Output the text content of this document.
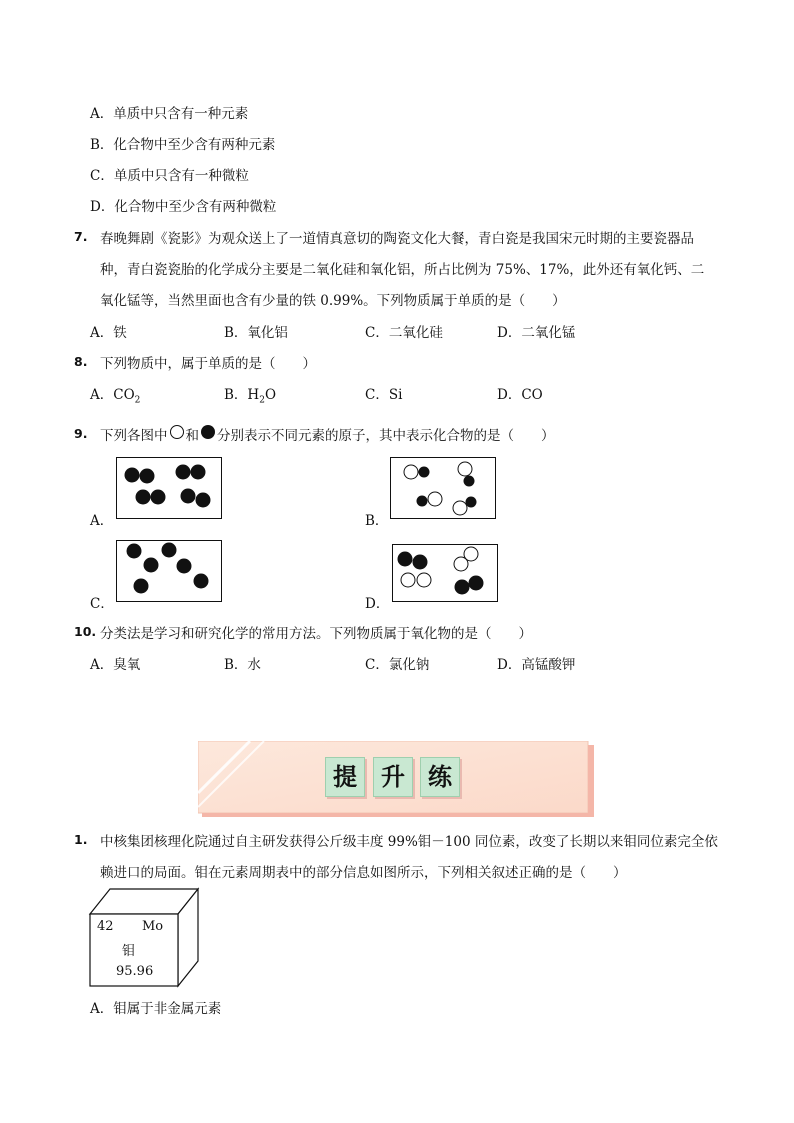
A．单质中只含有一种元素
B．化合物中至少含有两种元素
C．单质中只含有一种微粒
D．化合物中至少含有两种微粒
7. 春晚舞剧《瓷影》为观众送上了一道情真意切的陶瓷文化大餐，青白瓷是我国宋元时期的主要瓷器品
种，青白瓷瓷胎的化学成分主要是二氧化硅和氧化铝，所占比例为 75%、17%，此外还有氧化钙、二
氧化锰等，当然里面也含有少量的铁 0.99%。下列物质属于单质的是（　　）
A．铁	B．氧化铝	C．二氧化硅	D．二氧化锰
8. 下列物质中，属于单质的是（　　）
A．$CO_2$	B．$H_2O$	C．Si	D．CO
9. 下列各图中 和 分别表示不同元素的原子，其中表示化合物的是（　　）
A．	B．
C．	D．
10. 分类法是学习和研究化学的常用方法。下列物质属于氧化物的是（　　）
A．臭氧	B．水	C．氯化钠	D．高锰酸钾
提	升 练
1. 中核集团核理化院通过自主研发获得公斤级丰度 99%钼－100 同位素，改变了长期以来钼同位素完全依
赖进口的局面。钼在元素周期表中的部分信息如图所示，下列相关叙述正确的是（　　）
42 Mo
钼
95.96
A．钼属于非金属元素
